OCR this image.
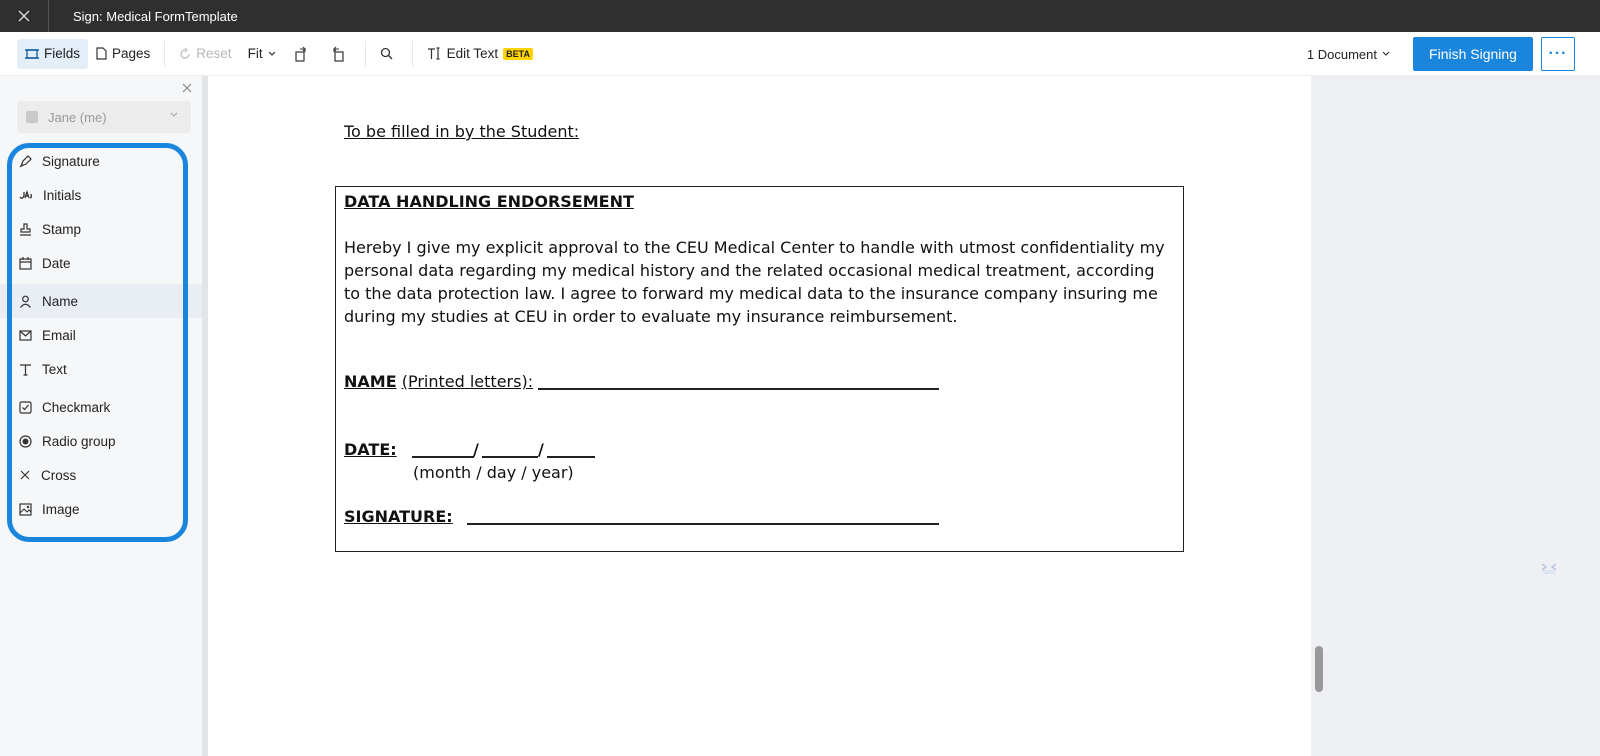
Sign: Medical FormTemplate
Fields Pages	Reset Fit	Edit Text BETA	1 Document	Finish Signing	···
Jane (me)
Signature
Initials
Stamp
Date
Name
Email
Text
Checkmark
Radio group
Cross
Image
To be filled in by the Student:
DATA HANDLING ENDORSEMENT
Hereby I give my explicit approval to the CEU Medical Center to handle with utmost confidentiality my personal data regarding my medical history and the related occasional medical treatment, according to the data protection law. I agree to forward my medical data to the insurance company insuring me during my studies at CEU in order to evaluate my insurance reimbursement.
NAME (Printed letters):
DATE:	/	/
(month / day / year)
SIGNATURE:
